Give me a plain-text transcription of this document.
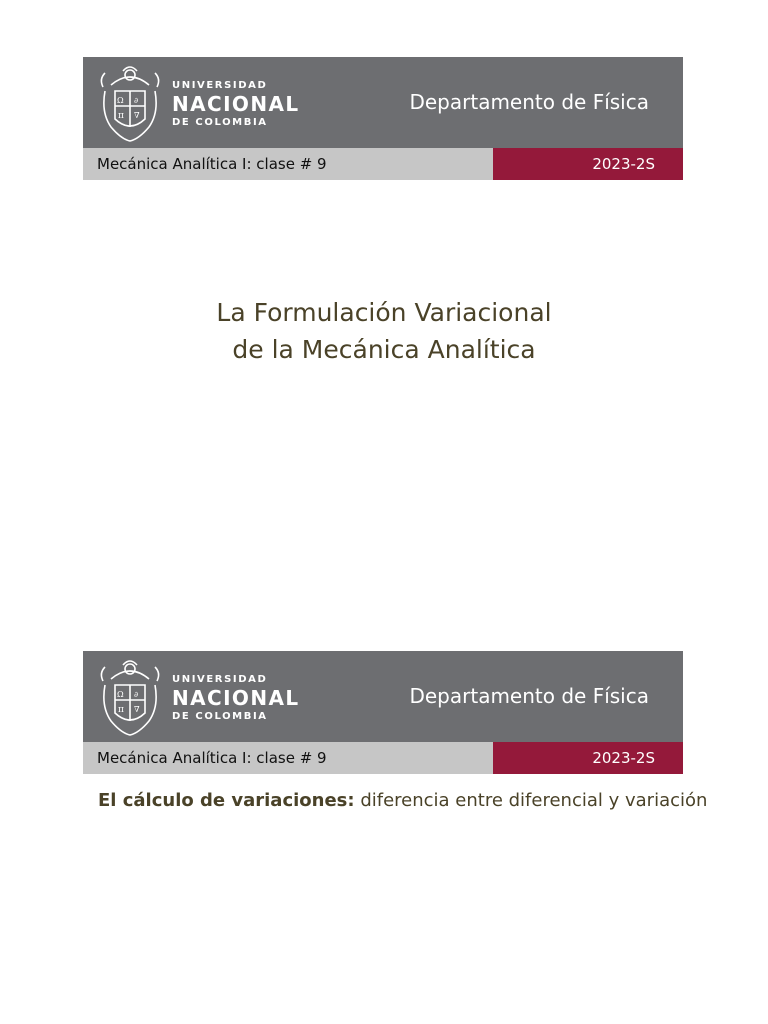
Ω ∂
π ∇
UNIVERSIDAD
NACIONAL
DE COLOMBIA
Departamento de Física
Mecánica Analítica I: clase # 9	2023-2S
La Formulación Variacional
de la Mecánica Analítica
Ω ∂
π ∇
UNIVERSIDAD
NACIONAL
DE COLOMBIA
Departamento de Física
Mecánica Analítica I: clase # 9	2023-2S
El cálculo de variaciones: diferencia entre diferencial y variación
